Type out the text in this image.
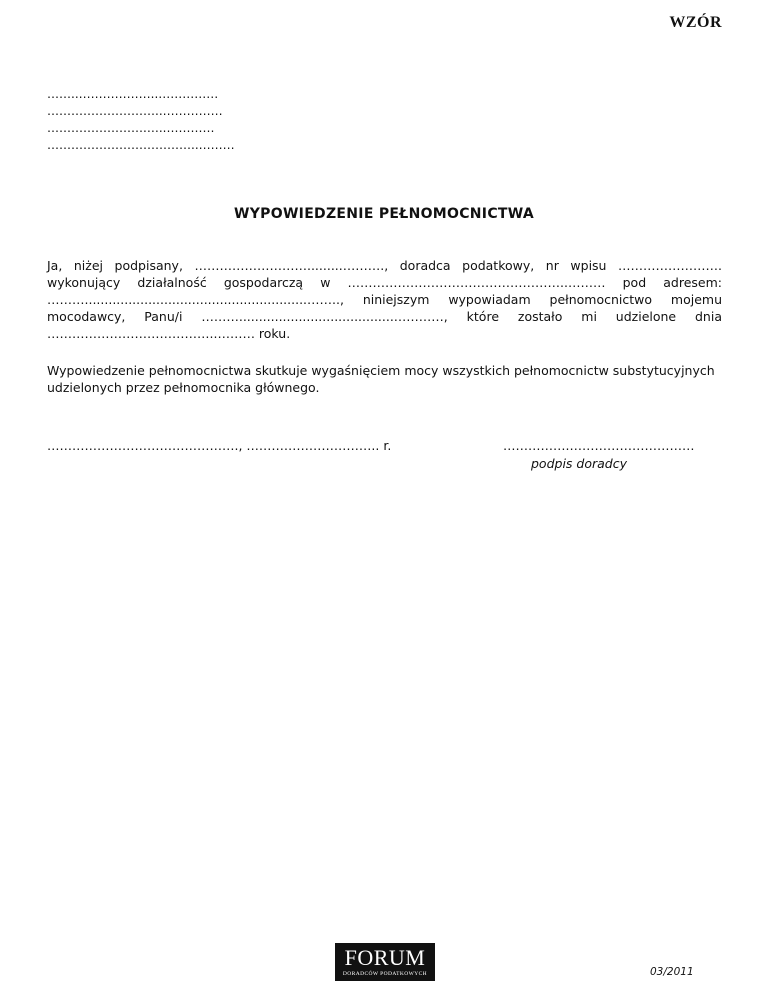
WZÓR
……..………………..……………
………………………..……………
…………………….…..…………
………………………………..………
WYPOWIEDZENIE PEŁNOMOCNICTWA
Ja, niżej podpisany, ……………………….........………., doradca podatkowy, nr wpisu ……………………. wykonujący działalność gospodarczą w ……………………………………………..……… pod adresem: ………........................................................…….., niniejszym wypowiadam pełnomocnictwo mojemu mocodawcy, Panu/i ……….......................................…………, które zostało mi udzielone dnia …………………………………..……… roku.
Wypowiedzenie pełnomocnictwa skutkuje wygaśnięciem mocy wszystkich pełnomocnictw substytucyjnych udzielonych przez pełnomocnika głównego.
………………………………………., ………………………….. r.	…………….…………………………
podpis doradcy
FORUM
DORADCÓW PODATKOWYCH	03/2011
